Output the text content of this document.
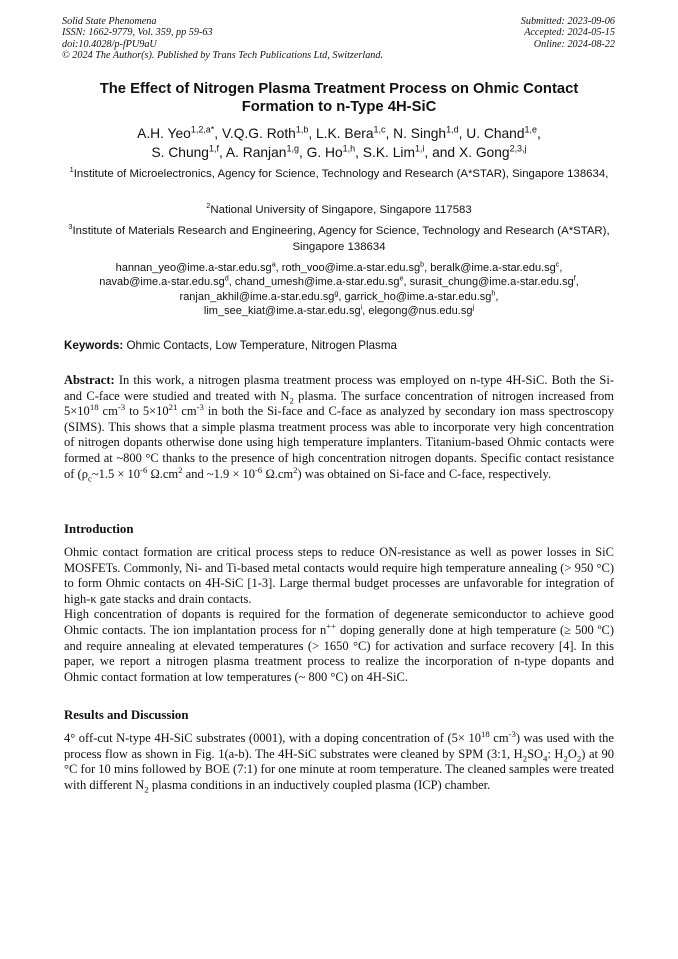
Solid State Phenomena
ISSN: 1662-9779, Vol. 359, pp 59-63
doi:10.4028/p-fPU9aU
© 2024 The Author(s). Published by Trans Tech Publications Ltd, Switzerland.
Submitted: 2023-09-06
Accepted: 2024-05-15
Online: 2024-08-22
The Effect of Nitrogen Plasma Treatment Process on Ohmic Contact
Formation to n-Type 4H-SiC
A.H. Yeo$^{1,2,a*}$, V.Q.G. Roth$^{1,b}$, L.K. Bera$^{1,c}$, N. Singh$^{1,d}$, U. Chand$^{1,e}$,
S. Chung$^{1,f}$, A. Ranjan$^{1,g}$, G. Ho$^{1,h}$, S.K. Lim$^{1,i}$, and X. Gong$^{2,3,j}$
$^1$Institute of Microelectronics, Agency for Science, Technology and Research (A*STAR), Singapore 138634,
$^2$National University of Singapore, Singapore 117583
$^3$Institute of Materials Research and Engineering, Agency for Science, Technology and Research (A*STAR), Singapore 138634
$hannan\_yeo@ime.a-star.edu.sg^a$, $roth\_voo@ime.a-star.edu.sg^b$, $beralk@ime.a-star.edu.sg^c$,
$navab@ime.a-star.edu.sg^d$, $chand\_umesh@ime.a-star.edu.sg^e$, $surasit\_chung@ime.a-star.edu.sg^f$,
$ranjan\_akhil@ime.a-star.edu.sg^g$, $garrick\_ho@ime.a-star.edu.sg^h$,
$\lim\_see\_kiat@ime.a-star.edu.sg^i$, $elegong@nus.edu.sg^j$
Keywords: Ohmic Contacts, Low Temperature, Nitrogen Plasma
Abstract: In this work, a nitrogen plasma treatment process was employed on n-type 4H-SiC. Both the Si- and C-face were studied and treated with $N_2$ plasma. The surface concentration of nitrogen increased from $5\times 10^{18}$ $cm^{-3}$ to $5\times 10^{21}$ $cm^{-3}$ in both the Si-face and C-face as analyzed by secondary ion mass spectroscopy (SIMS). This shows that a simple plasma treatment process was able to incorporate very high concentration of nitrogen dopants otherwise done using high temperature implanters. Titanium-based Ohmic contacts were formed at ~800 °C thanks to the presence of high concentration nitrogen dopants. Specific contact resistance of ($\rho_c\sim 1.5 \times 10^{-6}$ $\Omega.cm^2$ and ~1.9 × $10^{-6}$ $\Omega.cm^2$) was obtained on Si-face and C-face, respectively.
Introduction

Ohmic contact formation are critical process steps to reduce ON-resistance as well as power losses in SiC MOSFETs. Commonly, Ni- and Ti-based metal contacts would require high temperature annealing (> 950 °C) to form Ohmic contacts on 4H-SiC [1-3]. Large thermal budget processes are unfavorable for integration of high-κ gate stacks and drain contacts.

High concentration of dopants is required for the formation of degenerate semiconductor to achieve good Ohmic contacts. The ion implantation process for n++ doping generally done at high temperature (≥ 500 ºC) and require annealing at elevated temperatures (> 1650 °C) for activation and surface recovery [4]. In this paper, we report a nitrogen plasma treatment process to realize the incorporation of n-type dopants and Ohmic contact formation at low temperatures (~ 800 °C) on 4H-SiC.

Results and Discussion
4° off-cut N-type 4H-SiC substrates (0001), with a doping concentration of ($5\times 10^{18}$ $cm^{-3}$) was used with the process flow as shown in Fig. 1(a-b). The 4H-SiC substrates were cleaned by SPM (3:1, $H_2SO_4$: $H_2O_2$) at 90 °C for 10 mins followed by BOE (7:1) for one minute at room temperature. The cleaned samples were treated with different $N_2$ plasma conditions in an inductively coupled plasma (ICP) chamber.
